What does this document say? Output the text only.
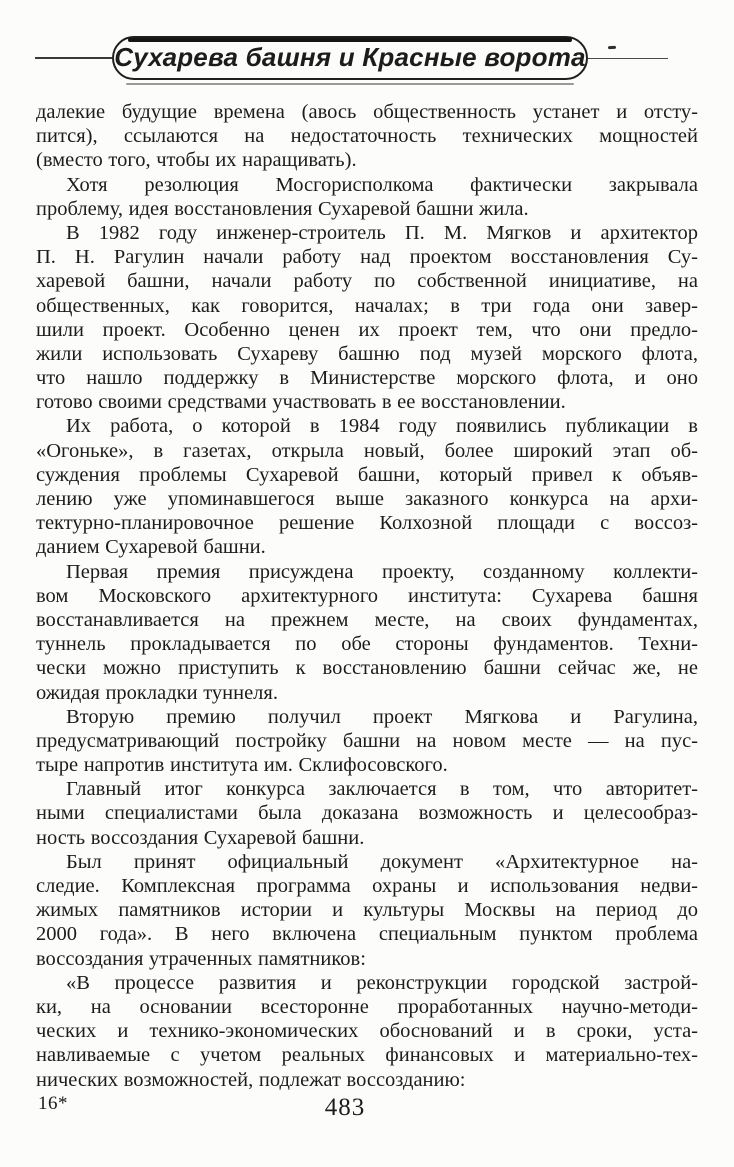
Сухарева башня и Красные ворота
далекие будущие времена (авось общественность устанет и отсту-
пится), ссылаются на недостаточность технических мощностей
(вместо того, чтобы их наращивать).
Хотя резолюция Мосгорисполкома фактически закрывала
проблему, идея восстановления Сухаревой башни жила.
В 1982 году инженер-строитель П. М. Мягков и архитектор
П. Н. Рагулин начали работу над проектом восстановления Су-
харевой башни, начали работу по собственной инициативе, на
общественных, как говорится, началах; в три года они завер-
шили проект. Особенно ценен их проект тем, что они предло-
жили использовать Сухареву башню под музей морского флота,
что нашло поддержку в Министерстве морского флота, и оно
готово своими средствами участвовать в ее восстановлении.
Их работа, о которой в 1984 году появились публикации в
«Огоньке», в газетах, открыла новый, более широкий этап об-
суждения проблемы Сухаревой башни, который привел к объяв-
лению уже упоминавшегося выше заказного конкурса на архи-
тектурно-планировочное решение Колхозной площади с воссоз-
данием Сухаревой башни.
Первая премия присуждена проекту, созданному коллекти-
вом Московского архитектурного института: Сухарева башня
восстанавливается на прежнем месте, на своих фундаментах,
туннель прокладывается по обе стороны фундаментов. Техни-
чески можно приступить к восстановлению башни сейчас же, не
ожидая прокладки туннеля.
Вторую премию получил проект Мягкова и Рагулина,
предусматривающий постройку башни на новом месте — на пус-
тыре напротив института им. Склифосовского.
Главный итог конкурса заключается в том, что авторитет-
ными специалистами была доказана возможность и целесообраз-
ность воссоздания Сухаревой башни.
Был принят официальный документ «Архитектурное на-
следие. Комплексная программа охраны и использования недви-
жимых памятников истории и культуры Москвы на период до
2000 года». В него включена специальным пунктом проблема
воссоздания утраченных памятников:
«В процессе развития и реконструкции городской застрой-
ки, на основании всесторонне проработанных научно-методи-
ческих и технико-экономических обоснований и в сроки, уста-
навливаемые с учетом реальных финансовых и материально-тех-
нических возможностей, подлежат воссозданию:
16*	483
